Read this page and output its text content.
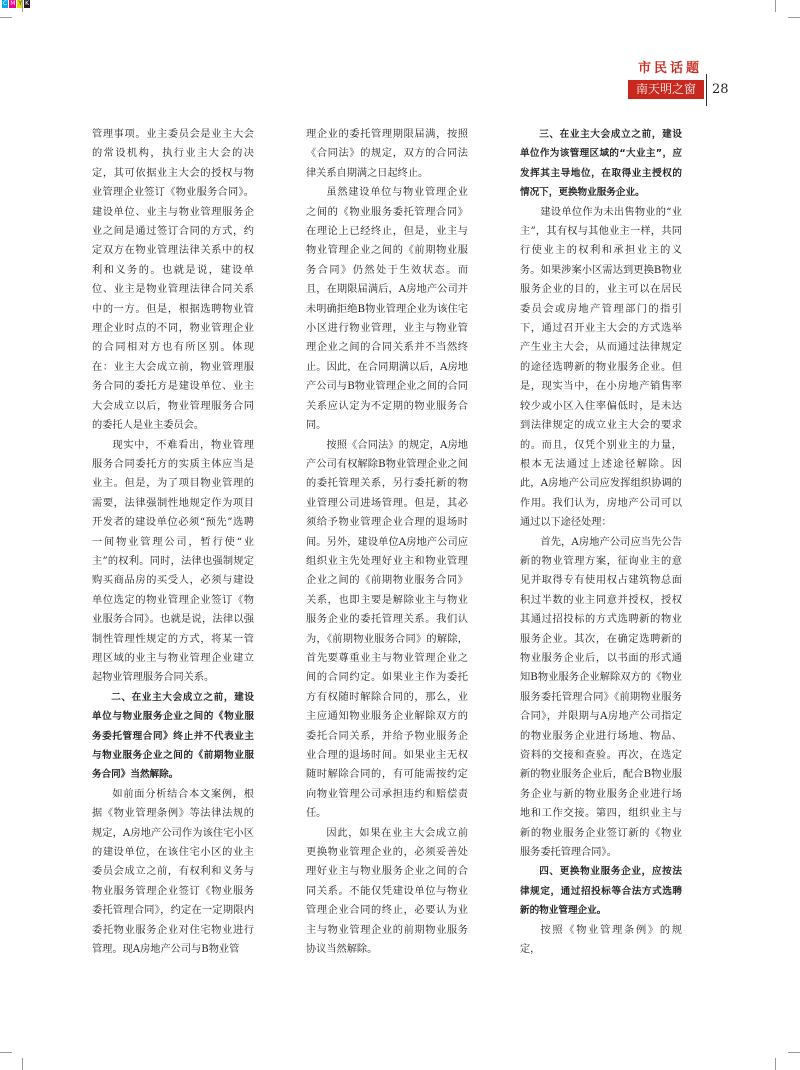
C M Y K
市民话题
南天明之窗	28

管理事项。业主委员会是业主大会的常设机构，执行业主大会的决定，其可依据业主大会的授权与物业管理企业签订《物业服务合同》。建设单位、业主与物业管理服务企业之间是通过签订合同的方式，约定双方在物业管理法律关系中的权利和义务的。也就是说，建设单位、业主是物业管理法律合同关系中的一方。但是，根据选聘物业管理企业时点的不同，物业管理企业的合同相对方也有所区别。体现在：业主大会成立前，物业管理服务合同的委托方是建设单位、业主大会成立以后，物业管理服务合同的委托人是业主委员会。

现实中，不难看出，物业管理服务合同委托方的实质主体应当是业主。但是，为了项目物业管理的需要，法律强制性地规定作为项目开发者的建设单位必须“预先”选聘一间物业管理公司，暂行使“业主”的权利。同时，法律也强制规定购买商品房的买受人，必须与建设单位选定的物业管理企业签订《物业服务合同》。也就是说，法律以强制性管理性规定的方式，将某一管理区域的业主与物业管理企业建立起物业管理服务合同关系。

二、在业主大会成立之前，建设单位与物业服务企业之间的《物业服务委托管理合同》终止并不代表业主与物业服务企业之间的《前期物业服务合同》当然解除。

如前面分析结合本文案例，根据《物业管理条例》等法律法规的规定，A房地产公司作为该住宅小区的建设单位，在该住宅小区的业主委员会成立之前，有权利和义务与物业服务管理企业签订《物业服务委托管理合同》，约定在一定期限内委托物业服务企业对住宅物业进行管理。现A房地产公司与B物业管

理企业的委托管理期限届满，按照《合同法》的规定，双方的合同法律关系自期满之日起终止。

虽然建设单位与物业管理企业之间的《物业服务委托管理合同》在理论上已经终止，但是，业主与物业管理企业之间的《前期物业服务合同》仍然处于生效状态。而且，在期限届满后，A房地产公司并未明确拒绝B物业管理企业为该住宅小区进行物业管理，业主与物业管理企业之间的合同关系并不当然终止。因此，在合同期满以后，A房地产公司与B物业管理企业之间的合同关系应认定为不定期的物业服务合同。

按照《合同法》的规定，A房地产公司有权解除B物业管理企业之间的委托管理关系，另行委托新的物业管理公司进场管理。但是，其必须给予物业管理企业合理的退场时间。另外，建设单位A房地产公司应组织业主先处理好业主和物业管理企业之间的《前期物业服务合同》关系，也即主要是解除业主与物业服务企业的委托管理关系。我们认为，《前期物业服务合同》的解除，首先要尊重业主与物业管理企业之间的合同约定。如果业主作为委托方有权随时解除合同的，那么，业主应通知物业服务企业解除双方的委托合同关系，并给予物业服务企业合理的退场时间。如果业主无权随时解除合同的，有可能需按约定向物业管理公司承担违约和赔偿责任。

因此，如果在业主大会成立前更换物业管理企业的，必须妥善处理好业主与物业服务企业之间的合同关系。不能仅凭建设单位与物业管理企业合同的终止，必要认为业主与物业管理企业的前期物业服务协议当然解除。

三、在业主大会成立之前，建设单位作为该管理区域的“大业主”，应发挥其主导地位，在取得业主授权的情况下，更换物业服务企业。

建设单位作为未出售物业的“业主”，其有权与其他业主一样，共同行使业主的权利和承担业主的义务。如果涉案小区需达到更换B物业服务企业的目的，业主可以在居民委员会或房地产管理部门的指引下，通过召开业主大会的方式选举产生业主大会，从而通过法律规定的途径选聘新的物业服务企业。但是，现实当中，在小房地产销售率较少或小区入住率偏低时，是未达到法律规定的成立业主大会的要求的。而且，仅凭个别业主的力量，根本无法通过上述途径解除。因此，A房地产公司应发挥组织协调的作用。我们认为，房地产公司可以通过以下途径处理：

首先，A房地产公司应当先公告新的物业管理方案，征询业主的意见并取得专有使用权占建筑物总面积过半数的业主同意并授权，授权其通过招投标的方式选聘新的物业服务企业。其次，在确定选聘新的物业服务企业后，以书面的形式通知B物业服务企业解除双方的《物业服务委托管理合同》《前期物业服务合同》，并限期与A房地产公司指定的物业服务企业进行场地、物品、资料的交接和查验。再次，在选定新的物业服务企业后，配合B物业服务企业与新的物业服务企业进行场地和工作交接。第四，组织业主与新的物业服务企业签订新的《物业服务委托管理合同》。

四、更换物业服务企业，应按法律规定，通过招投标等合法方式选聘新的物业管理企业。

按照《物业管理条例》的规定，
